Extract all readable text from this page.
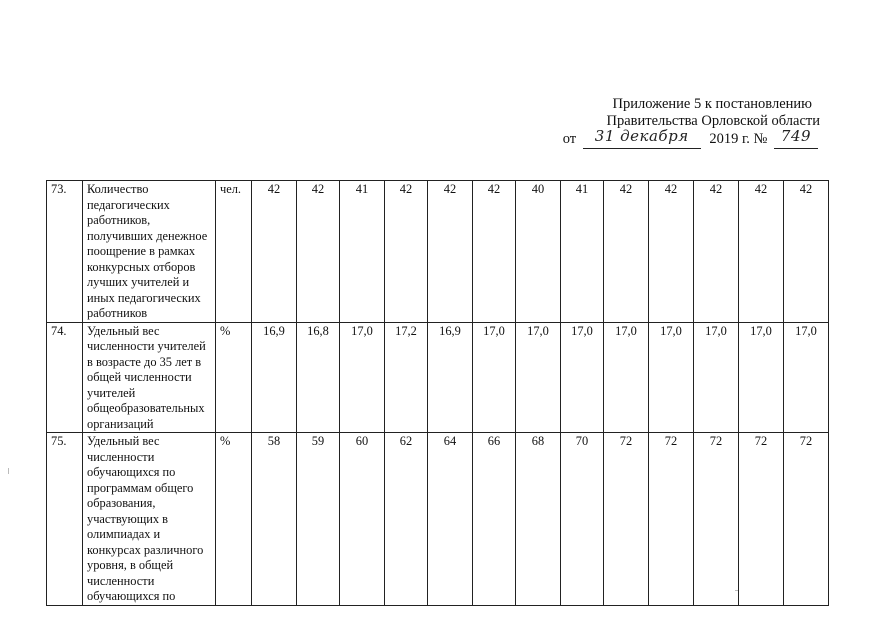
Приложение 5 к постановлению
Правительства Орловской области
от 31 декабря 2019 г. № 749
73.	Количество педагогических работников, получивших денежное поощрение в рамках конкурсных отборов лучших учителей и иных педагогических работников	чел.	42	42	41	42	42	42	40	41	42	42	42	42	42
74.	Удельный вес численности учителей в возрасте до 35 лет в общей численности учителей общеобразовательных организаций	%	16,9	16,8	17,0	17,2	16,9	17,0	17,0	17,0	17,0	17,0	17,0	17,0	17,0
75.	Удельный вес численности обучающихся по программам общего образования, участвующих в олимпиадах и конкурсах различного уровня, в общей численности обучающихся по	%	58	59	60	62	64	66	68	70	72	72	72	72	72
